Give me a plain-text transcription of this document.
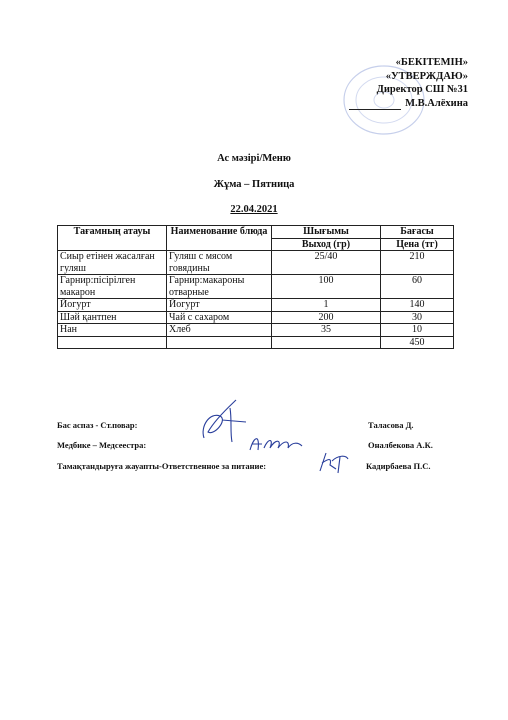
«БЕКІТЕМІН»
«УТВЕРЖДАЮ»
Директор СШ №31
М.В.Алёхина
Ас мәзірі/Меню
Жұма – Пятница
22.04.2021
Тағамның атауы	Наименование блюда	Шығымы	Бағасы
		Выход (гр)	Цена (тг)
Сиыр етінен жасалған гуляш	Гуляш с мясом говядины	25/40	210
Гарнир:пісірілген макарон	Гарнир:макароны отварные	100	60
Йогурт	Йогурт	1	140
Шәй қантпен	Чай с сахаром	200	30
Нан	Хлеб	35	10
			450
Бас аспаз - Ст.повар:	Таласова Д.
Медбике – Медсеестра:	Оналбекова А.К.
Тамақтандыруға жауапты-Ответственное за питание:	Кадирбаева П.С.
